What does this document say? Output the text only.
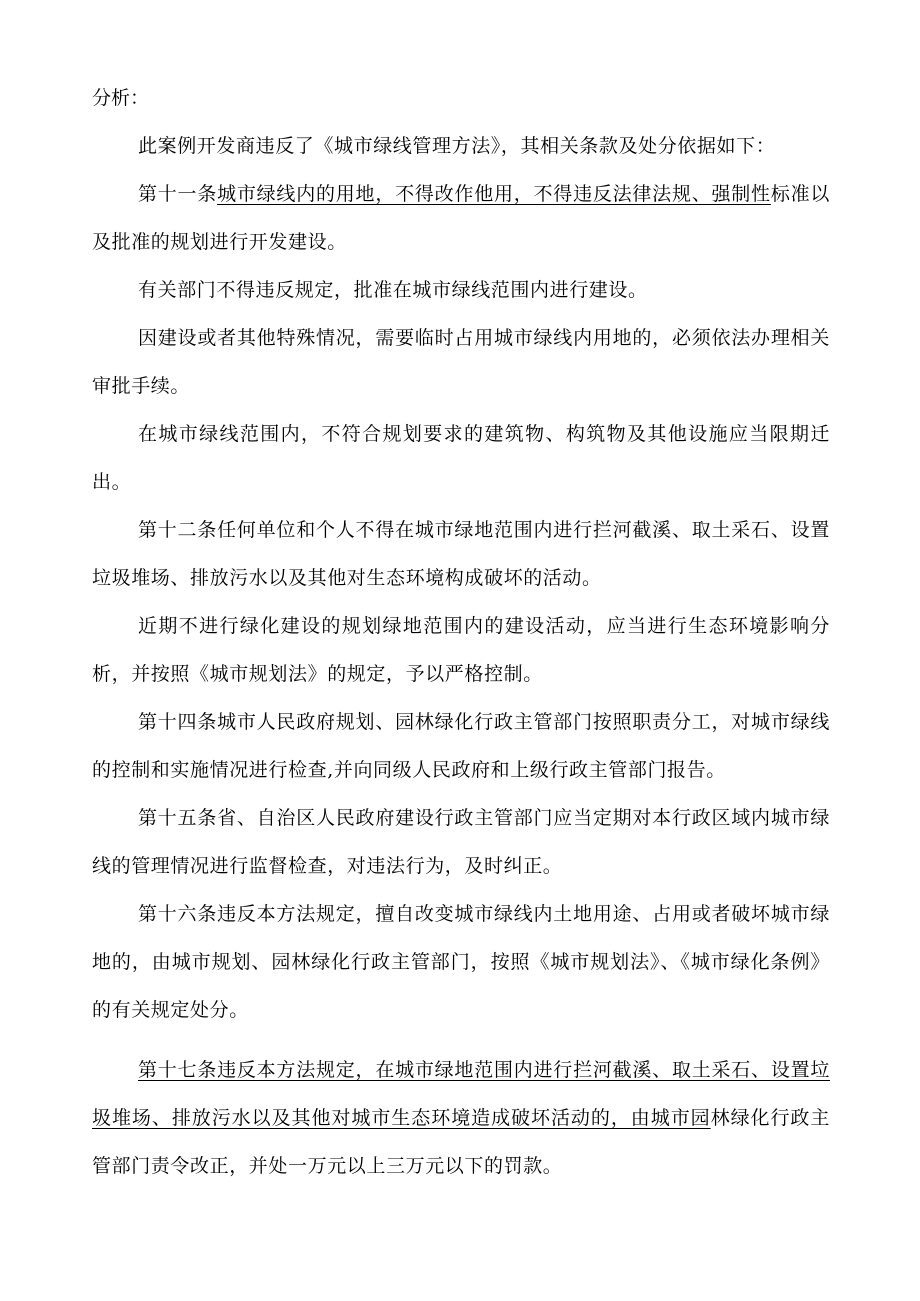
分析：

此案例开发商违反了《城市绿线管理方法》，其相关条款及处分依据如下：

第十一条城市绿线内的用地，不得改作他用，不得违反法律法规、强制性标准以及批准的规划进行开发建设。

有关部门不得违反规定，批准在城市绿线范围内进行建设。

因建设或者其他特殊情况，需要临时占用城市绿线内用地的，必须依法办理相关审批手续。

在城市绿线范围内，不符合规划要求的建筑物、构筑物及其他设施应当限期迁出。

第十二条任何单位和个人不得在城市绿地范围内进行拦河截溪、取土采石、设置垃圾堆场、排放污水以及其他对生态环境构成破坏的活动。

近期不进行绿化建设的规划绿地范围内的建设活动，应当进行生态环境影响分析，并按照《城市规划法》的规定，予以严格控制。

第十四条城市人民政府规划、园林绿化行政主管部门按照职责分工，对城市绿线的控制和实施情况进行检查,并向同级人民政府和上级行政主管部门报告。

第十五条省、自治区人民政府建设行政主管部门应当定期对本行政区域内城市绿线的管理情况进行监督检查，对违法行为，及时纠正。

第十六条违反本方法规定，擅自改变城市绿线内土地用途、占用或者破坏城市绿地的，由城市规划、园林绿化行政主管部门，按照《城市规划法》、《城市绿化条例》的有关规定处分。

第十七条违反本方法规定，在城市绿地范围内进行拦河截溪、取土采石、设置垃圾堆场、排放污水以及其他对城市生态环境造成破坏活动的，由城市园林绿化行政主管部门责令改正，并处一万元以上三万元以下的罚款。
